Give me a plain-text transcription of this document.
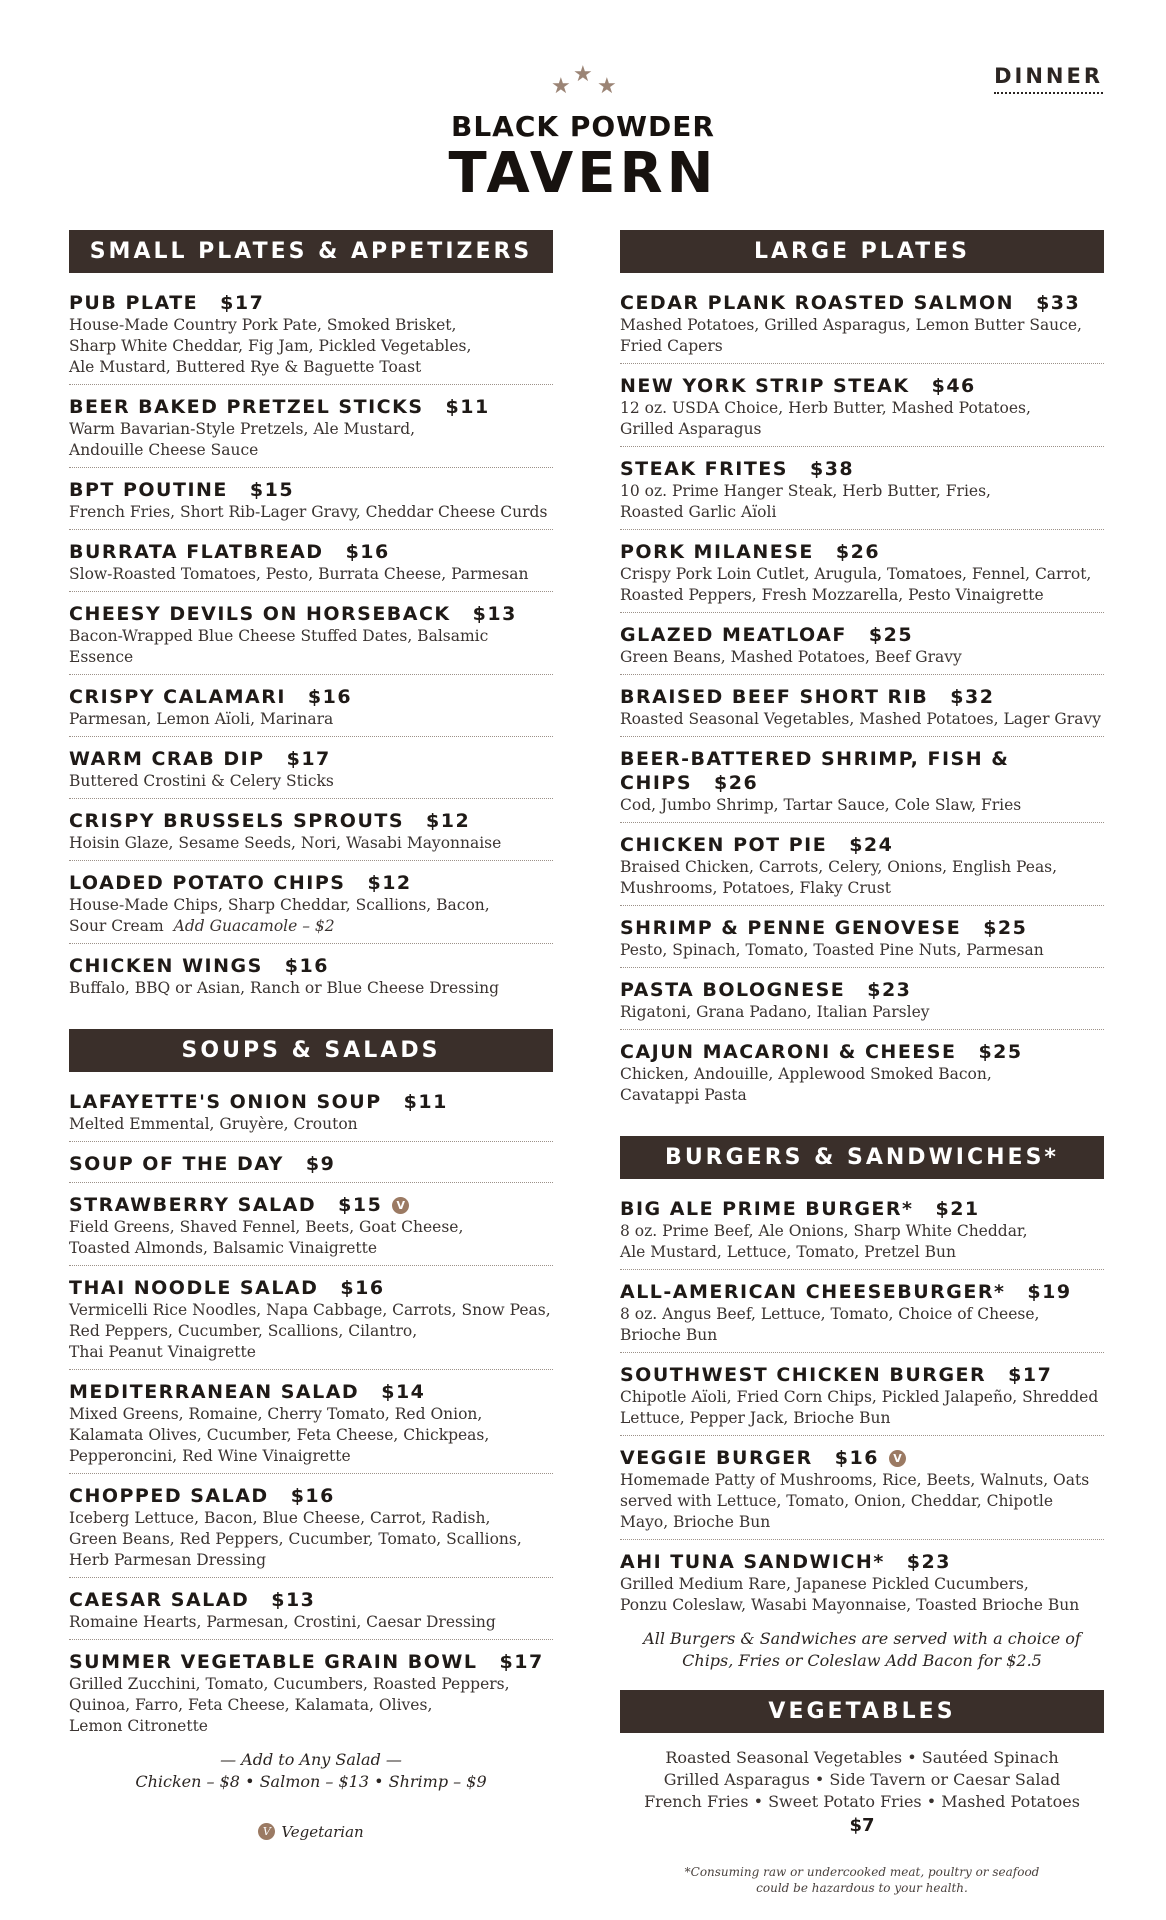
DINNER
★ ★ ★
BLACK POWDER
TAVERN
SMALL PLATES & APPETIZERS
PUB PLATE $17
House-Made Country Pork Pate, Smoked Brisket,
Sharp White Cheddar, Fig Jam, Pickled Vegetables,
Ale Mustard, Buttered Rye & Baguette Toast
BEER BAKED PRETZEL STICKS $11
Warm Bavarian-Style Pretzels, Ale Mustard,
Andouille Cheese Sauce
BPT POUTINE $15
French Fries, Short Rib-Lager Gravy, Cheddar Cheese Curds
BURRATA FLATBREAD $16
Slow-Roasted Tomatoes, Pesto, Burrata Cheese, Parmesan
CHEESY DEVILS ON HORSEBACK $13
Bacon-Wrapped Blue Cheese Stuffed Dates, Balsamic Essence
CRISPY CALAMARI $16
Parmesan, Lemon Aïoli, Marinara
WARM CRAB DIP $17
Buttered Crostini & Celery Sticks
CRISPY BRUSSELS SPROUTS $12
Hoisin Glaze, Sesame Seeds, Nori, Wasabi Mayonnaise
LOADED POTATO CHIPS $12
House-Made Chips, Sharp Cheddar, Scallions, Bacon,
Sour Cream Add Guacamole – $2
CHICKEN WINGS $16
Buffalo, BBQ or Asian, Ranch or Blue Cheese Dressing
SOUPS & SALADS
LAFAYETTE'S ONION SOUP $11
Melted Emmental, Gruyère, Crouton
SOUP OF THE DAY $9
STRAWBERRY SALAD $15 V
Field Greens, Shaved Fennel, Beets, Goat Cheese,
Toasted Almonds, Balsamic Vinaigrette
THAI NOODLE SALAD $16
Vermicelli Rice Noodles, Napa Cabbage, Carrots, Snow Peas,
Red Peppers, Cucumber, Scallions, Cilantro,
Thai Peanut Vinaigrette
MEDITERRANEAN SALAD $14
Mixed Greens, Romaine, Cherry Tomato, Red Onion,
Kalamata Olives, Cucumber, Feta Cheese, Chickpeas,
Pepperoncini, Red Wine Vinaigrette
CHOPPED SALAD $16
Iceberg Lettuce, Bacon, Blue Cheese, Carrot, Radish,
Green Beans, Red Peppers, Cucumber, Tomato, Scallions,
Herb Parmesan Dressing
CAESAR SALAD $13
Romaine Hearts, Parmesan, Crostini, Caesar Dressing
SUMMER VEGETABLE GRAIN BOWL $17
Grilled Zucchini, Tomato, Cucumbers, Roasted Peppers,
Quinoa, Farro, Feta Cheese, Kalamata, Olives,
Lemon Citronette
— Add to Any Salad —
Chicken – $8 • Salmon – $13 • Shrimp – $9
V Vegetarian
LARGE PLATES
CEDAR PLANK ROASTED SALMON $33
Mashed Potatoes, Grilled Asparagus, Lemon Butter Sauce,
Fried Capers
NEW YORK STRIP STEAK $46
12 oz. USDA Choice, Herb Butter, Mashed Potatoes,
Grilled Asparagus
STEAK FRITES $38
10 oz. Prime Hanger Steak, Herb Butter, Fries,
Roasted Garlic Aïoli
PORK MILANESE $26
Crispy Pork Loin Cutlet, Arugula, Tomatoes, Fennel, Carrot,
Roasted Peppers, Fresh Mozzarella, Pesto Vinaigrette
GLAZED MEATLOAF $25
Green Beans, Mashed Potatoes, Beef Gravy
BRAISED BEEF SHORT RIB $32
Roasted Seasonal Vegetables, Mashed Potatoes, Lager Gravy
BEER-BATTERED SHRIMP, FISH & CHIPS $26
Cod, Jumbo Shrimp, Tartar Sauce, Cole Slaw, Fries
CHICKEN POT PIE $24
Braised Chicken, Carrots, Celery, Onions, English Peas,
Mushrooms, Potatoes, Flaky Crust
SHRIMP & PENNE GENOVESE $25
Pesto, Spinach, Tomato, Toasted Pine Nuts, Parmesan
PASTA BOLOGNESE $23
Rigatoni, Grana Padano, Italian Parsley
CAJUN MACARONI & CHEESE $25
Chicken, Andouille, Applewood Smoked Bacon,
Cavatappi Pasta
BURGERS & SANDWICHES*
BIG ALE PRIME BURGER* $21
8 oz. Prime Beef, Ale Onions, Sharp White Cheddar,
Ale Mustard, Lettuce, Tomato, Pretzel Bun
ALL-AMERICAN CHEESEBURGER* $19
8 oz. Angus Beef, Lettuce, Tomato, Choice of Cheese,
Brioche Bun
SOUTHWEST CHICKEN BURGER $17
Chipotle Aïoli, Fried Corn Chips, Pickled Jalapeño, Shredded
Lettuce, Pepper Jack, Brioche Bun
VEGGIE BURGER $16 V
Homemade Patty of Mushrooms, Rice, Beets, Walnuts, Oats
served with Lettuce, Tomato, Onion, Cheddar, Chipotle
Mayo, Brioche Bun
AHI TUNA SANDWICH* $23
Grilled Medium Rare, Japanese Pickled Cucumbers,
Ponzu Coleslaw, Wasabi Mayonnaise, Toasted Brioche Bun
All Burgers & Sandwiches are served with a choice of
Chips, Fries or Coleslaw Add Bacon for $2.5
VEGETABLES
Roasted Seasonal Vegetables • Sautéed Spinach
Grilled Asparagus • Side Tavern or Caesar Salad
French Fries • Sweet Potato Fries • Mashed Potatoes
$7
*Consuming raw or undercooked meat, poultry or seafood
could be hazardous to your health.
